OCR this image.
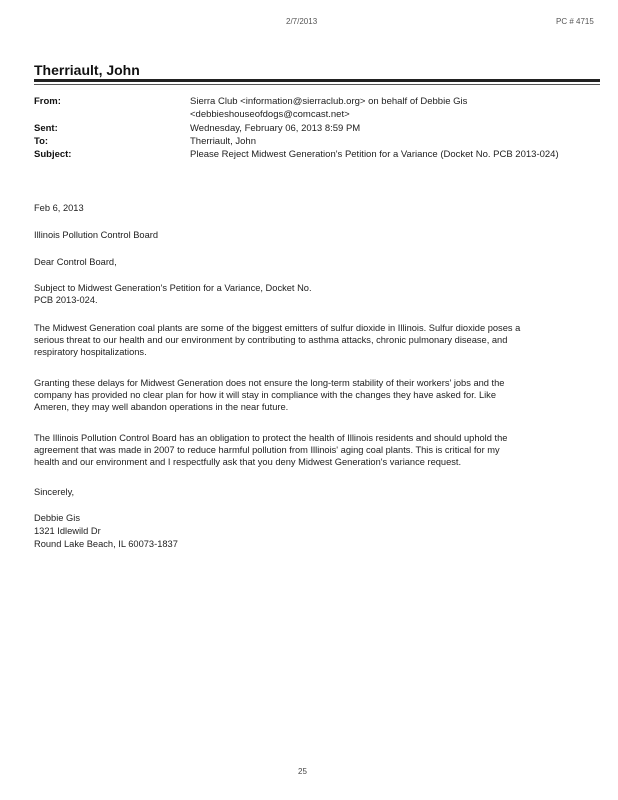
2/7/2013	PC # 4715
Therriault, John
From:	Sierra Club <information@sierraclub.org> on behalf of Debbie Gis
<debbieshouseofdogs@comcast.net>
Sent:	Wednesday, February 06, 2013 8:59 PM
To:	Therriault, John
Subject:	Please Reject Midwest Generation's Petition for a Variance (Docket No. PCB 2013-024)
Feb 6, 2013
Illinois Pollution Control Board
Dear Control Board,
Subject to Midwest Generation's Petition for a Variance, Docket No.
PCB 2013-024.
The Midwest Generation coal plants are some of the biggest emitters of sulfur dioxide in Illinois. Sulfur dioxide poses a
serious threat to our health and our environment by contributing to asthma attacks, chronic pulmonary disease, and
respiratory hospitalizations.
Granting these delays for Midwest Generation does not ensure the long-term stability of their workers' jobs and the
company has provided no clear plan for how it will stay in compliance with the changes they have asked for. Like
Ameren, they may well abandon operations in the near future.
The Illinois Pollution Control Board has an obligation to protect the health of Illinois residents and should uphold the
agreement that was made in 2007 to reduce harmful pollution from Illinois' aging coal plants. This is critical for my
health and our environment and I respectfully ask that you deny Midwest Generation's variance request.
Sincerely,
Debbie Gis
1321 Idlewild Dr
Round Lake Beach, IL 60073-1837
25
